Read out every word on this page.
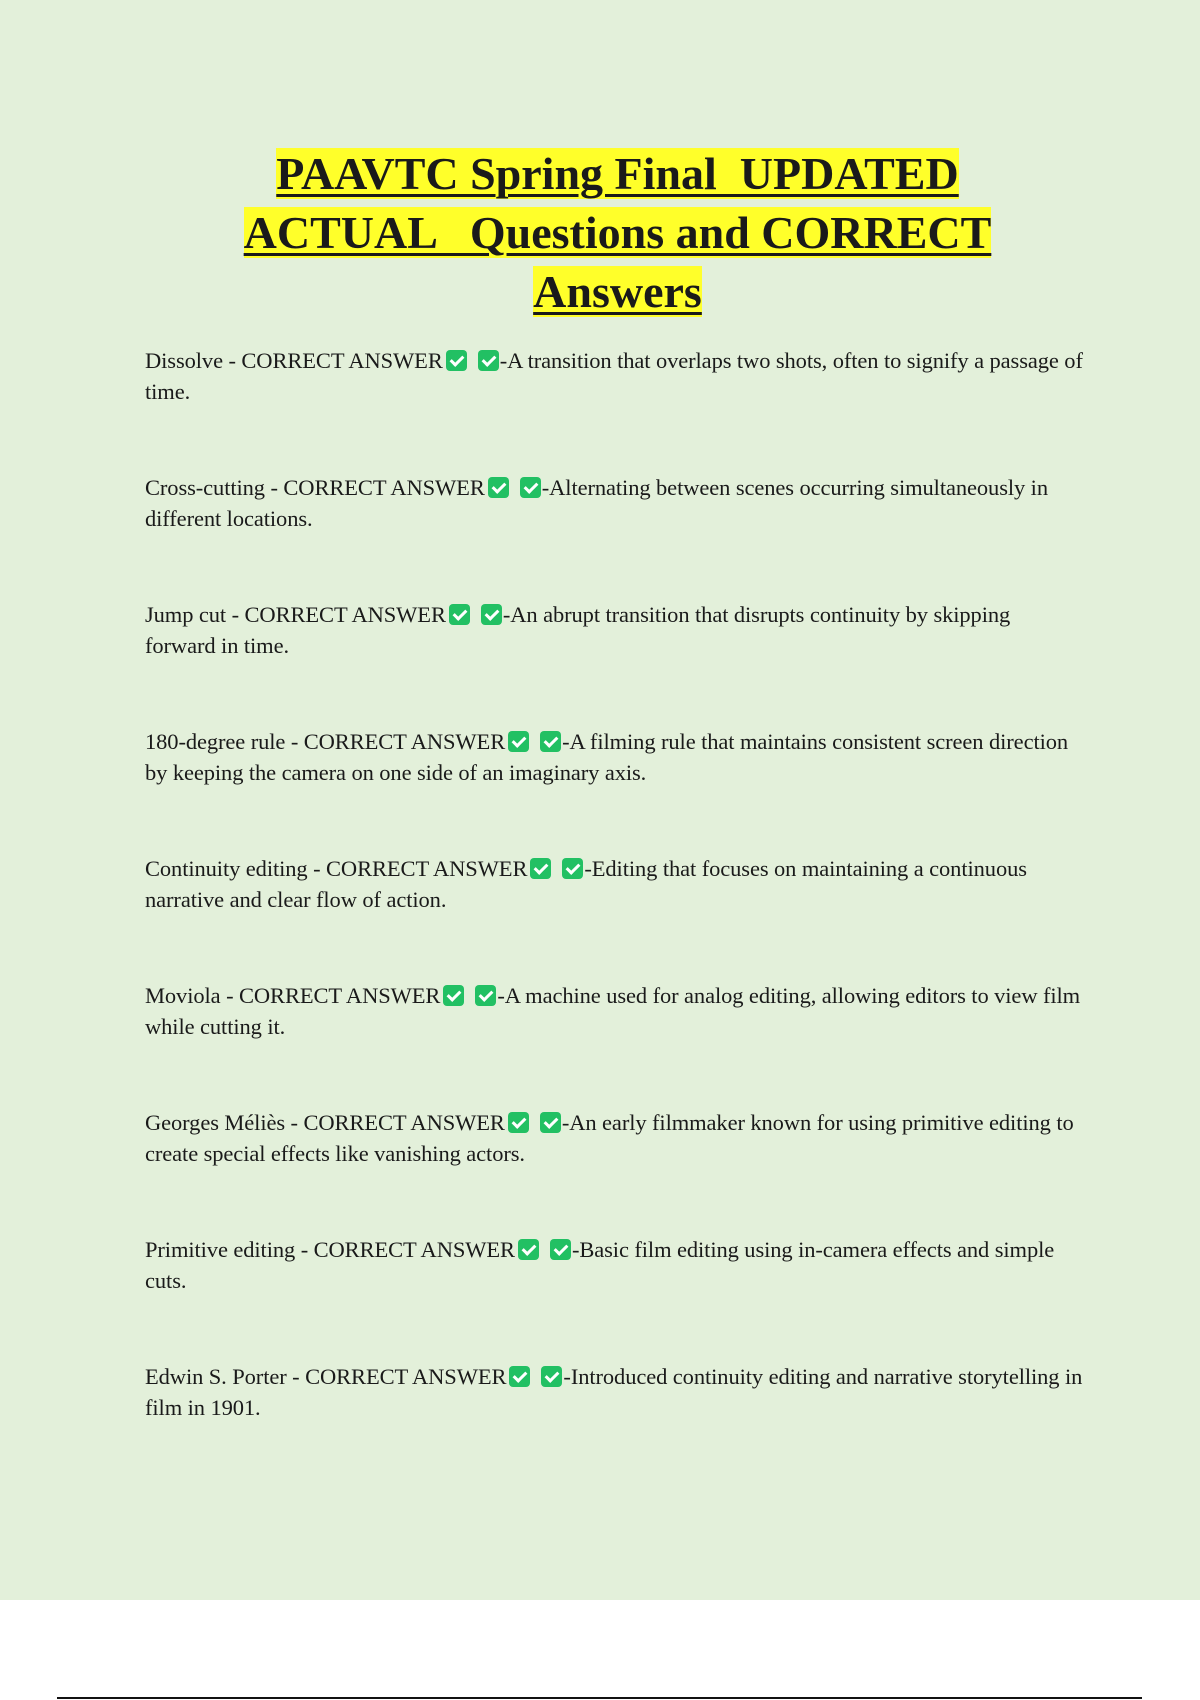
PAAVTC Spring Final  UPDATED
ACTUAL   Questions and CORRECT
Answers

Dissolve - CORRECT ANSWER	-A transition that overlaps two shots, often to signify a passage of time.

Cross-cutting - CORRECT ANSWER	-Alternating between scenes occurring simultaneously in different locations.

Jump cut - CORRECT ANSWER	-An abrupt transition that disrupts continuity by skipping forward in time.

180-degree rule - CORRECT ANSWER	-A filming rule that maintains consistent screen direction by keeping the camera on one side of an imaginary axis.

Continuity editing - CORRECT ANSWER	-Editing that focuses on maintaining a continuous narrative and clear flow of action.

Moviola - CORRECT ANSWER	-A machine used for analog editing, allowing editors to view film while cutting it.

Georges Méliès - CORRECT ANSWER	-An early filmmaker known for using primitive editing to create special effects like vanishing actors.

Primitive editing - CORRECT ANSWER	-Basic film editing using in-camera effects and simple cuts.

Edwin S. Porter - CORRECT ANSWER	-Introduced continuity editing and narrative storytelling in film in 1901.
